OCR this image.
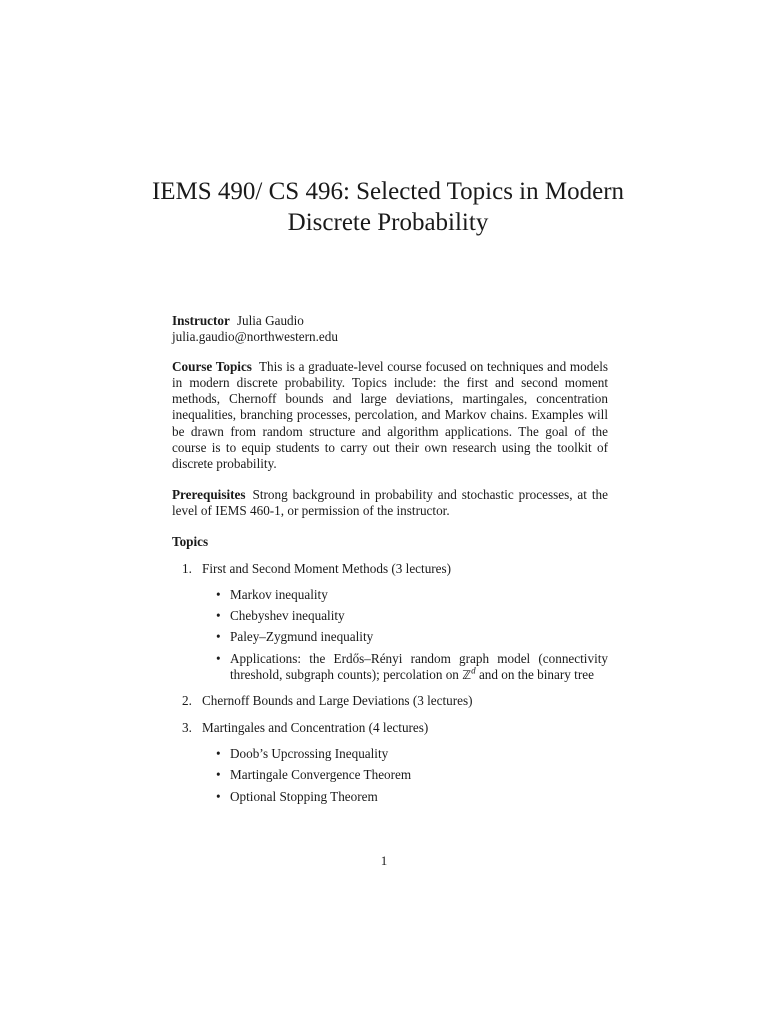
IEMS 490/ CS 496: Selected Topics in Modern
Discrete Probability

Instructor Julia Gaudio
julia.gaudio@northwestern.edu

Course Topics This is a graduate-level course focused on techniques and models in modern discrete probability. Topics include: the first and second moment methods, Chernoff bounds and large deviations, martingales, concentration inequalities, branching processes, percolation, and Markov chains. Examples will be drawn from random structure and algorithm applications. The goal of the course is to equip students to carry out their own research using the toolkit of discrete probability.

Prerequisites Strong background in probability and stochastic processes, at the level of IEMS 460-1, or permission of the instructor.

Topics
1. First and Second Moment Methods (3 lectures)
• Markov inequality
• Chebyshev inequality
• Paley–Zygmund inequality
• Applications: the Erdős–Rényi random graph model (connectivity threshold, subgraph counts); percolation on ℤ$^d$ and on the binary tree
2. Chernoff Bounds and Large Deviations (3 lectures)
3. Martingales and Concentration (4 lectures)
• Doob’s Upcrossing Inequality
• Martingale Convergence Theorem
• Optional Stopping Theorem
1
